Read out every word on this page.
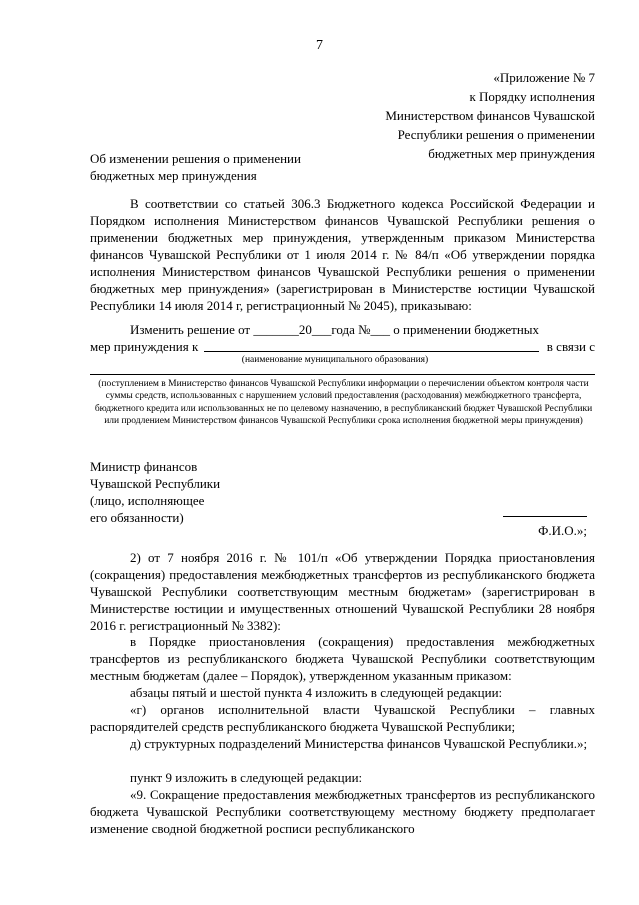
7
«Приложение № 7
к Порядку исполнения
Министерством финансов Чувашской
Республики решения о применении
бюджетных мер принуждения
Об изменении решения о применении
бюджетных мер принуждения
В соответствии со статьей 306.3 Бюджетного кодекса Российской Федерации и Порядком исполнения Министерством финансов Чувашской Республики решения о применении бюджетных мер принуждения, утвержденным приказом Министерства финансов Чувашской Республики от 1 июля 2014 г. № 84/п «Об утверждении порядка исполнения Министерством финансов Чувашской Республики решения о применении бюджетных мер принуждения» (зарегистрирован в Министерстве юстиции Чувашской Республики 14 июля 2014 г, регистрационный № 2045), приказываю:
Изменить решение от _______20___года №___ о применении бюджетных
мер принуждения к	в связи с
(наименование муниципального образования)
(поступлением в Министерство финансов Чувашской Республики информации о перечислении объектом контроля части суммы средств, использованных с нарушением условий предоставления (расходования) межбюджетного трансферта, бюджетного кредита или использованных не по целевому назначению, в республиканский бюджет Чувашской Республики или продлением Министерством финансов Чувашской Республики срока исполнения бюджетной меры принуждения)
Министр финансов
Чувашской Республики
(лицо, исполняющее
его обязанности)
Ф.И.О.»;
2) от 7 ноября 2016 г. № 101/п «Об утверждении Порядка приостановления (сокращения) предоставления межбюджетных трансфертов из республиканского бюджета Чувашской Республики соответствующим местным бюджетам» (зарегистрирован в Министерстве юстиции и имущественных отношений Чувашской Республики 28 ноября 2016 г. регистрационный № 3382):
в Порядке приостановления (сокращения) предоставления межбюджетных трансфертов из республиканского бюджета Чувашской Республики соответствующим местным бюджетам (далее – Порядок), утвержденном указанным приказом:
абзацы пятый и шестой пункта 4 изложить в следующей редакции:
«г) органов исполнительной власти Чувашской Республики – главных распорядителей средств республиканского бюджета Чувашской Республики;
д) структурных подразделений Министерства финансов Чувашской Республики.»;
пункт 9 изложить в следующей редакции:
«9. Сокращение предоставления межбюджетных трансфертов из республиканского бюджета Чувашской Республики соответствующему местному бюджету предполагает изменение сводной бюджетной росписи республиканского
